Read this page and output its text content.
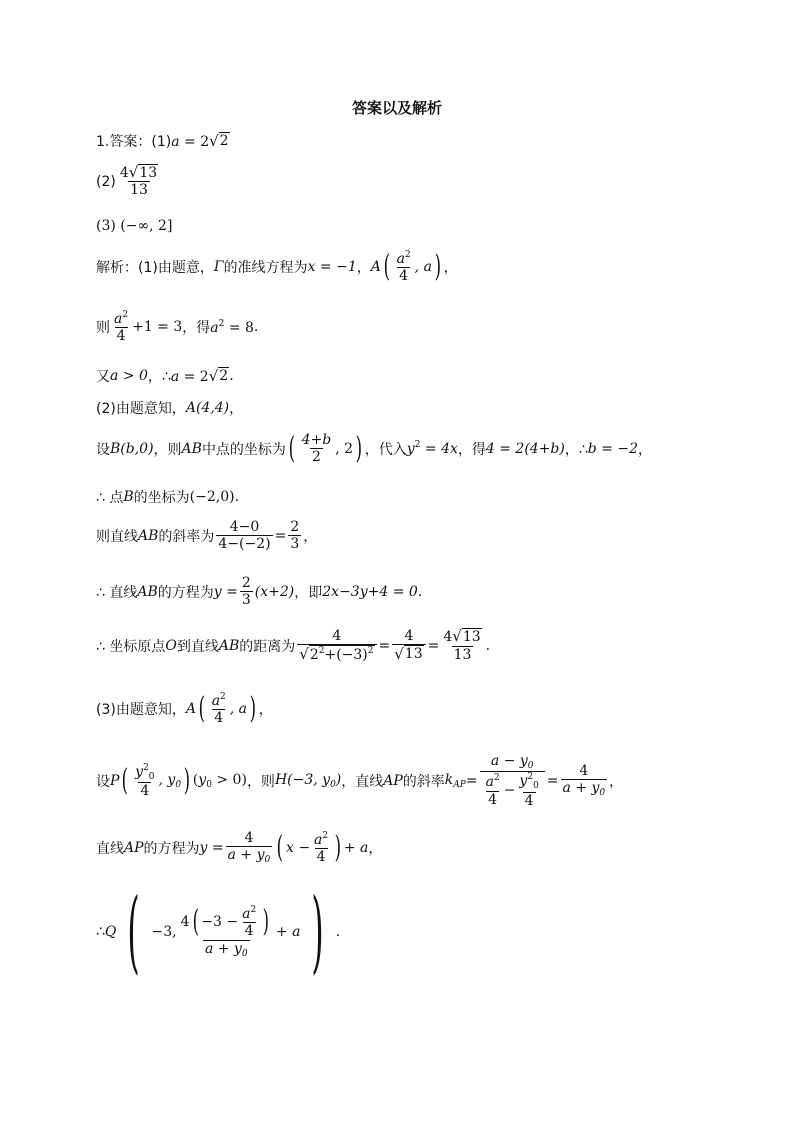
答案以及解析
1.答案：(1) a = 2 √ 2
$(2) \frac{4 √ 13}{13}$
(3) (−∞, 2]
解析：(1)由题意， Γ 的准线方程为 x = −1 ， A ( $\frac{a^2}{4}$ , a ) ，
则 $\frac{a^2}{4} +1 = 3$ ，得 $a^2 = 8$ .
又 a > 0 ，∴ a = 2 √ 2 .
(2)由题意知， A(4,4) ，
设 B(b,0) ，则 AB 中点的坐标为 ( $\frac{4+b}{2}$ , 2 ) ，代入 $y^2 = 4x$ ，得 4 = 2(4+b) ，∴ b = −2 ，
∴ 点 B 的坐标为 (−2,0) .
则直线 AB 的斜率为 $\frac{4-0}{4-(-2)} = \frac{2}{3}$ ，
∴ 直线 AB 的方程为 $y = \frac{2}{3} (x+2)$ ，即 2x−3y+4 = 0 .
∴ 坐标原点 O 到直线 AB 的距离为 $\frac{4}{√ 2^2+(-3)^2} = \frac{4}{√ 13} = \frac{4 √ 13}{13}$ .
(3)由题意知， A ( $\frac{a^2}{4}$ , a ) ，
设 P ( $\frac{y^2_0}{4}$ , $y_0$ ) $(y_0 > 0)$ ，则 H(−3, $y_0$) ，直线 AP 的斜率 $k_{AP} = \frac{a - y_0}{\frac{a^2}{4} - \frac{y^2_0}{4}} = \frac{4}{a + y_0}$ ，
直线 AP 的方程为 $y = \frac{4}{a + y_0}$ ( $x - \frac{a^2}{4}$ ) + a ，
∴ Q ( −3, $\frac{4 ( -3 - \frac{a^2}{4} )}{a + y_0} + a$ ) .
